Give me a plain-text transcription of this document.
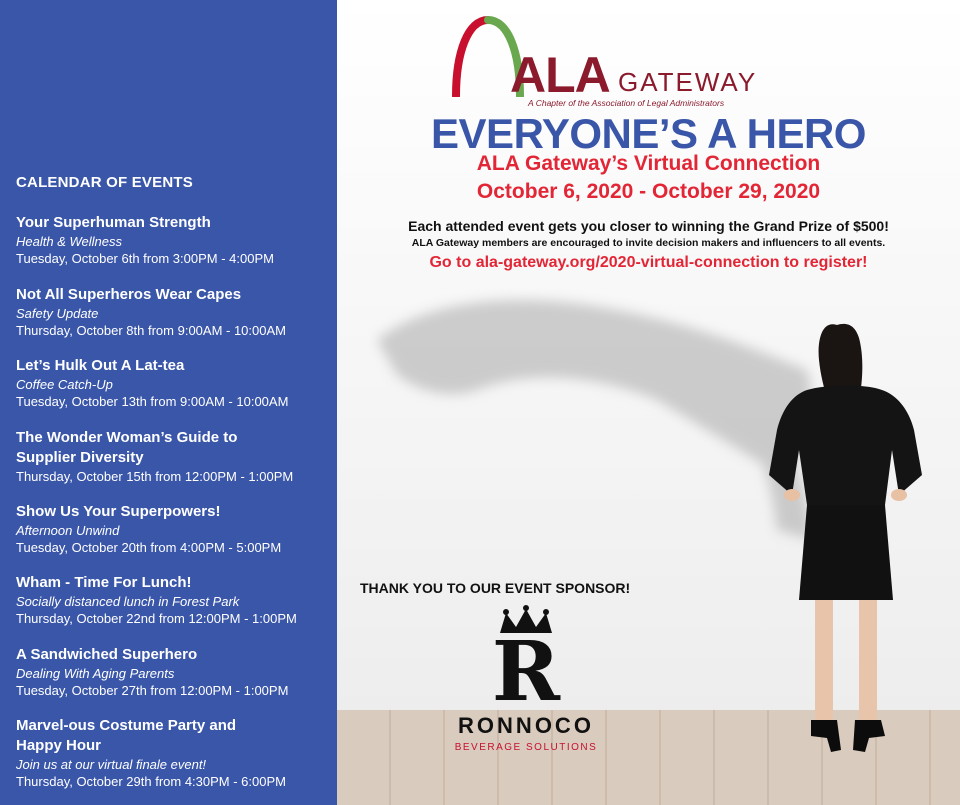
CALENDAR OF EVENTS
Your Superhuman Strength
Health & Wellness
Tuesday, October 6th from 3:00PM - 4:00PM
Not All Superheros Wear Capes
Safety Update
Thursday, October 8th from 9:00AM - 10:00AM
Let’s Hulk Out A Lat-tea
Coffee Catch-Up
Tuesday, October 13th from 9:00AM - 10:00AM
The Wonder Woman’s Guide to
Supplier Diversity
Thursday, October 15th from 12:00PM - 1:00PM
Show Us Your Superpowers!
Afternoon Unwind
Tuesday, October 20th from 4:00PM - 5:00PM
Wham - Time For Lunch!
Socially distanced lunch in Forest Park
Thursday, October 22nd from 12:00PM - 1:00PM
A Sandwiched Superhero
Dealing With Aging Parents
Tuesday, October 27th from 12:00PM - 1:00PM
Marvel-ous Costume Party and
Happy Hour
Join us at our virtual finale event!
Thursday, October 29th from 4:30PM - 6:00PM
ALA GATEWAY
A Chapter of the Association of Legal Administrators
EVERYONE’S A HERO
ALA Gateway’s Virtual Connection
October 6, 2020 - October 29, 2020
Each attended event gets you closer to winning the Grand Prize of $500!
ALA Gateway members are encouraged to invite decision makers and influencers to all events.
Go to ala-gateway.org/2020-virtual-connection to register!
THANK YOU TO OUR EVENT SPONSOR!
R
RONNOCO
BEVERAGE SOLUTIONS
